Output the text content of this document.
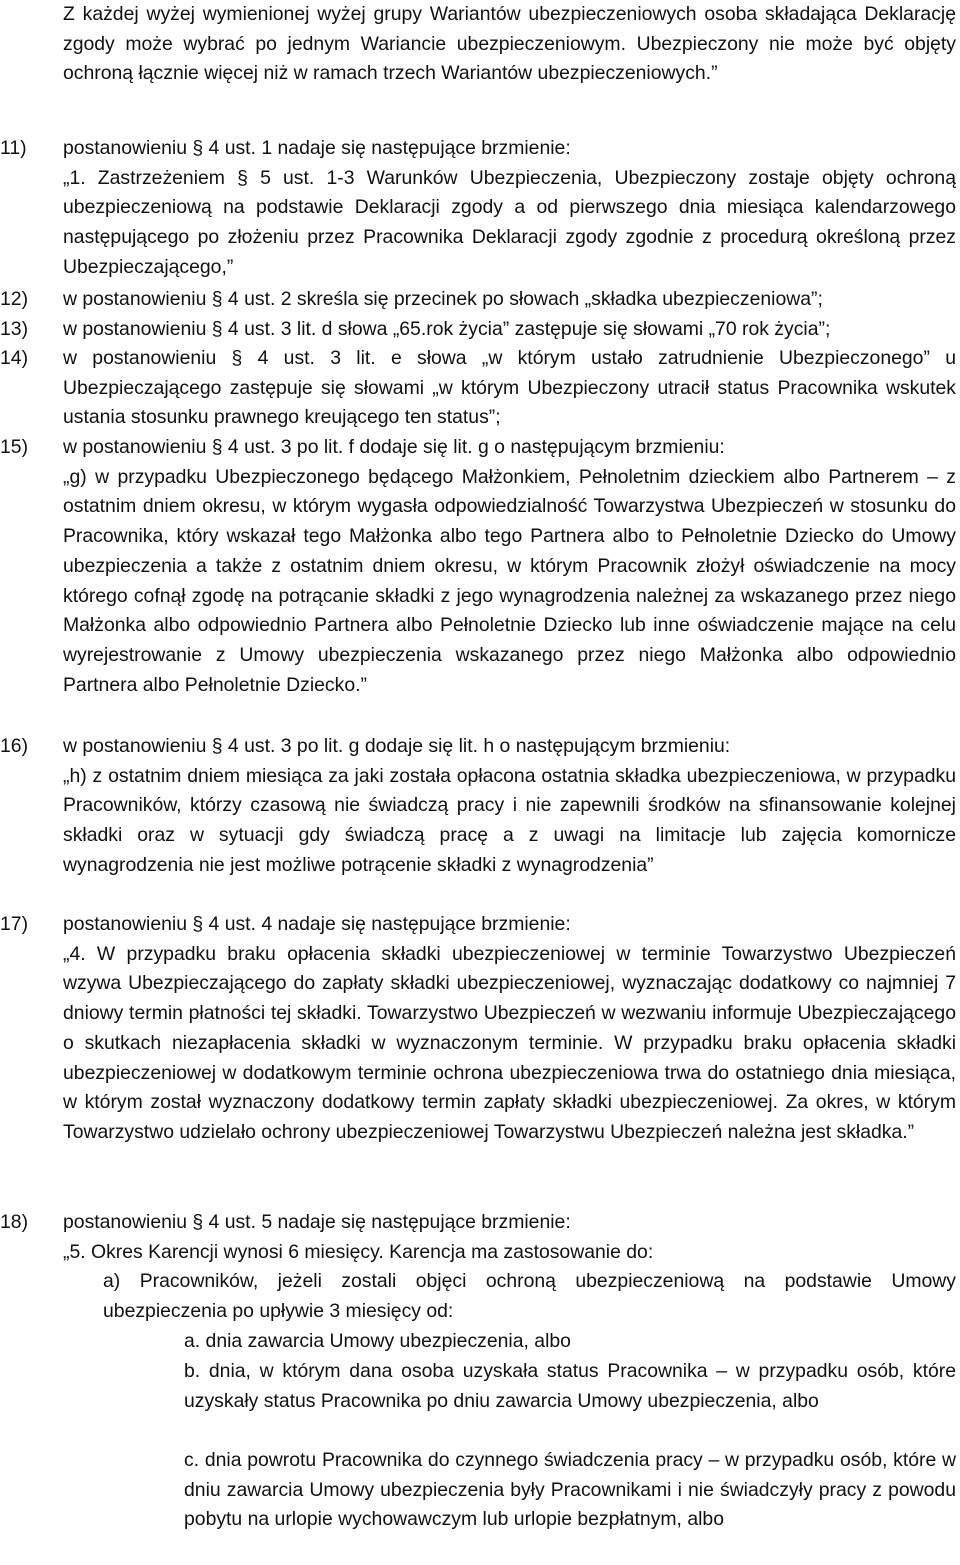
Z każdej wyżej wymienionej wyżej grupy Wariantów ubezpieczeniowych osoba składająca Deklarację zgody może wybrać po jednym Wariancie ubezpieczeniowym. Ubezpieczony nie może być objęty ochroną łącznie więcej niż w ramach trzech Wariantów ubezpieczeniowych.”
11)	postanowieniu § 4 ust. 1 nadaje się następujące brzmienie:
„1. Zastrzeżeniem § 5 ust. 1-3 Warunków Ubezpieczenia, Ubezpieczony zostaje objęty ochroną ubezpieczeniową na podstawie Deklaracji zgody a od pierwszego dnia miesiąca kalendarzowego następującego po złożeniu przez Pracownika Deklaracji zgody zgodnie z procedurą określoną przez Ubezpieczającego,”
12)	w postanowieniu § 4 ust. 2 skreśla się przecinek po słowach „składka ubezpieczeniowa”;
13)	w postanowieniu § 4 ust. 3 lit. d słowa „65.rok życia” zastępuje się słowami „70 rok życia”;
14)	w postanowieniu § 4 ust. 3 lit. e słowa „w którym ustało zatrudnienie Ubezpieczonego” u Ubezpieczającego zastępuje się słowami „w którym Ubezpieczony utracił status Pracownika wskutek ustania stosunku prawnego kreującego ten status”;
15)	w postanowieniu § 4 ust. 3 po lit. f dodaje się lit. g o następującym brzmieniu:
„g) w przypadku Ubezpieczonego będącego Małżonkiem, Pełnoletnim dzieckiem albo Partnerem – z ostatnim dniem okresu, w którym wygasła odpowiedzialność Towarzystwa Ubezpieczeń w stosunku do Pracownika, który wskazał tego Małżonka albo tego Partnera albo to Pełnoletnie Dziecko do Umowy ubezpieczenia a także z ostatnim dniem okresu, w którym Pracownik złożył oświadczenie na mocy którego cofnął zgodę na potrącanie składki z jego wynagrodzenia należnej za wskazanego przez niego Małżonka albo odpowiednio Partnera albo Pełnoletnie Dziecko lub inne oświadczenie mające na celu wyrejestrowanie z Umowy ubezpieczenia wskazanego przez niego Małżonka albo odpowiednio Partnera albo Pełnoletnie Dziecko.”
16)	w postanowieniu § 4 ust. 3 po lit. g dodaje się lit. h o następującym brzmieniu:
„h) z ostatnim dniem miesiąca za jaki została opłacona ostatnia składka ubezpieczeniowa, w przypadku Pracowników, którzy czasową nie świadczą pracy i nie zapewnili środków na sfinansowanie kolejnej składki oraz w sytuacji gdy świadczą pracę a z uwagi na limitacje lub zajęcia komornicze wynagrodzenia nie jest możliwe potrącenie składki z wynagrodzenia”
17)	postanowieniu § 4 ust. 4 nadaje się następujące brzmienie:
„4. W przypadku braku opłacenia składki ubezpieczeniowej w terminie Towarzystwo Ubezpieczeń wzywa Ubezpieczającego do zapłaty składki ubezpieczeniowej, wyznaczając dodatkowy co najmniej 7 dniowy termin płatności tej składki. Towarzystwo Ubezpieczeń w wezwaniu informuje Ubezpieczającego o skutkach niezapłacenia składki w wyznaczonym terminie. W przypadku braku opłacenia składki ubezpieczeniowej w dodatkowym terminie ochrona ubezpieczeniowa trwa do ostatniego dnia miesiąca, w którym został wyznaczony dodatkowy termin zapłaty składki ubezpieczeniowej. Za okres, w którym Towarzystwo udzielało ochrony ubezpieczeniowej Towarzystwu Ubezpieczeń należna jest składka.”
18)	postanowieniu § 4 ust. 5 nadaje się następujące brzmienie:
„5. Okres Karencji wynosi 6 miesięcy. Karencja ma zastosowanie do:
a) Pracowników, jeżeli zostali objęci ochroną ubezpieczeniową na podstawie Umowy ubezpieczenia po upływie 3 miesięcy od:
a. dnia zawarcia Umowy ubezpieczenia, albo
b. dnia, w którym dana osoba uzyskała status Pracownika – w przypadku osób, które uzyskały status Pracownika po dniu zawarcia Umowy ubezpieczenia, albo
c. dnia powrotu Pracownika do czynnego świadczenia pracy – w przypadku osób, które w dniu zawarcia Umowy ubezpieczenia były Pracownikami i nie świadczyły pracy z powodu pobytu na urlopie wychowawczym lub urlopie bezpłatnym, albo
